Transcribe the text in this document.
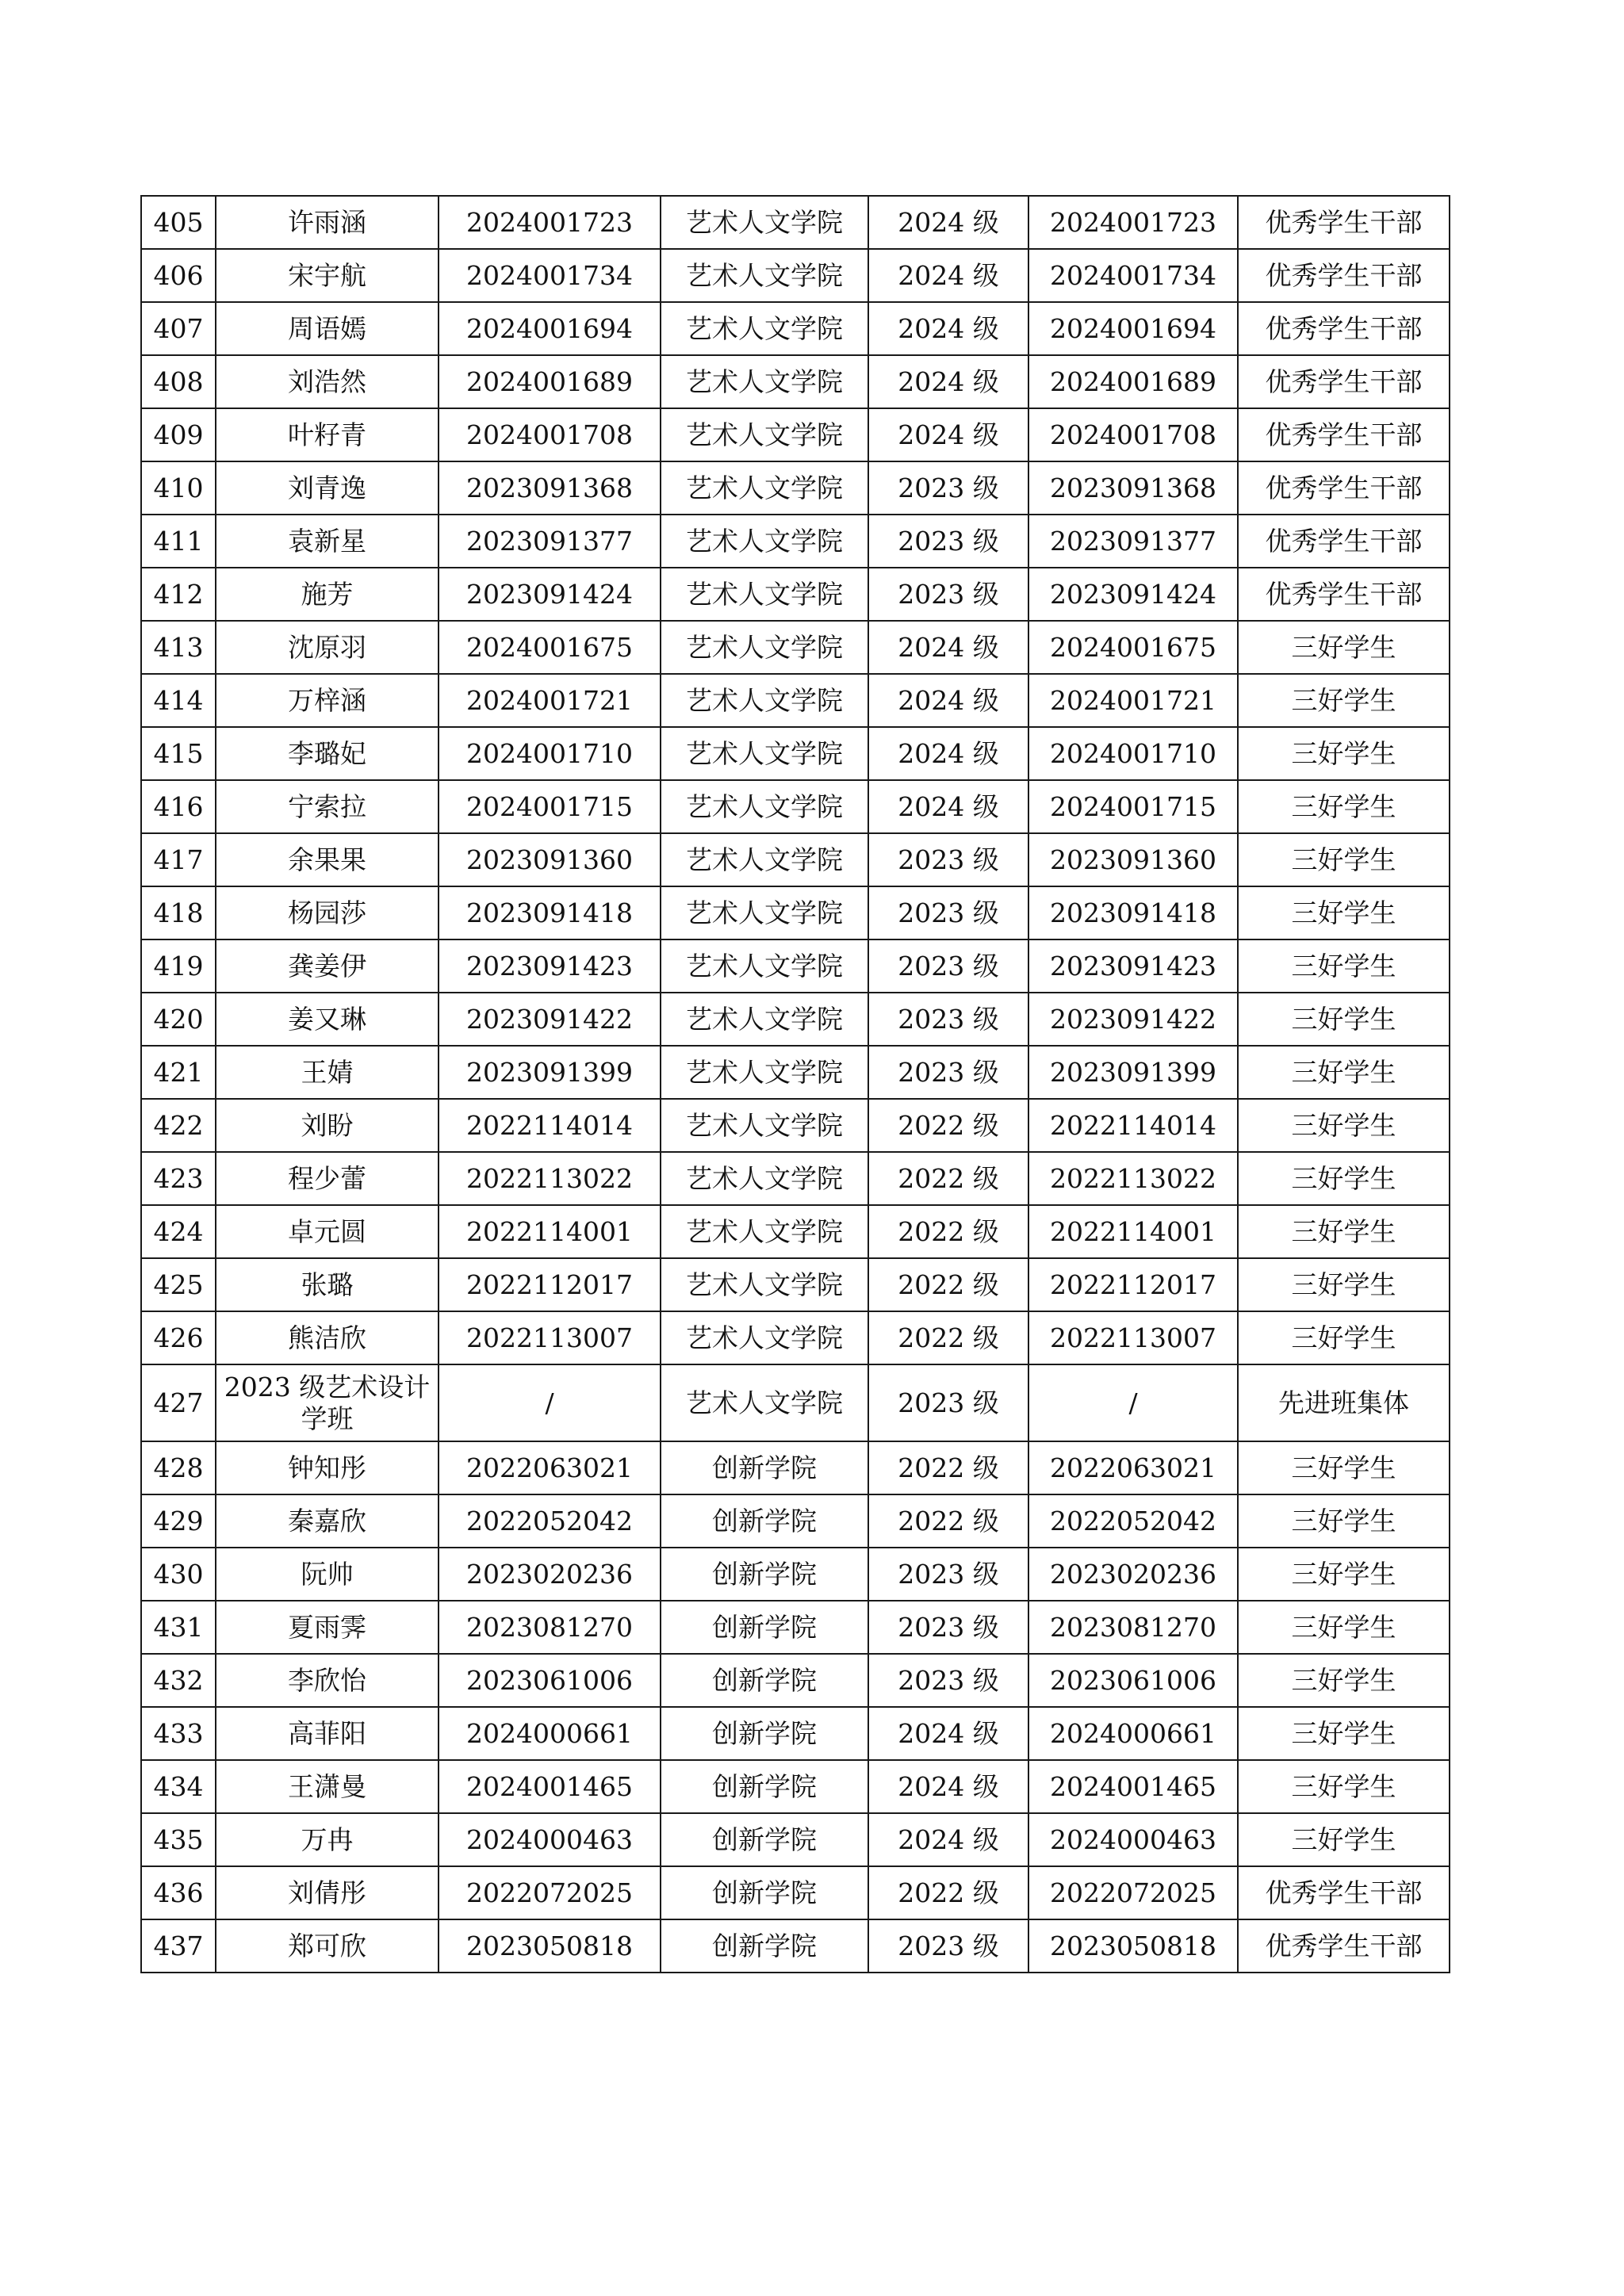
405	许雨涵	2024001723	艺术人文学院	2024 级	2024001723	优秀学生干部
406	宋宇航	2024001734	艺术人文学院	2024 级	2024001734	优秀学生干部
407	周语嫣	2024001694	艺术人文学院	2024 级	2024001694	优秀学生干部
408	刘浩然	2024001689	艺术人文学院	2024 级	2024001689	优秀学生干部
409	叶籽青	2024001708	艺术人文学院	2024 级	2024001708	优秀学生干部
410	刘青逸	2023091368	艺术人文学院	2023 级	2023091368	优秀学生干部
411	袁新星	2023091377	艺术人文学院	2023 级	2023091377	优秀学生干部
412	施芳	2023091424	艺术人文学院	2023 级	2023091424	优秀学生干部
413	沈原羽	2024001675	艺术人文学院	2024 级	2024001675	三好学生
414	万梓涵	2024001721	艺术人文学院	2024 级	2024001721	三好学生
415	李璐妃	2024001710	艺术人文学院	2024 级	2024001710	三好学生
416	宁索拉	2024001715	艺术人文学院	2024 级	2024001715	三好学生
417	余果果	2023091360	艺术人文学院	2023 级	2023091360	三好学生
418	杨园莎	2023091418	艺术人文学院	2023 级	2023091418	三好学生
419	龚姜伊	2023091423	艺术人文学院	2023 级	2023091423	三好学生
420	姜又琳	2023091422	艺术人文学院	2023 级	2023091422	三好学生
421	王婧	2023091399	艺术人文学院	2023 级	2023091399	三好学生
422	刘盼	2022114014	艺术人文学院	2022 级	2022114014	三好学生
423	程少蕾	2022113022	艺术人文学院	2022 级	2022113022	三好学生
424	卓元圆	2022114001	艺术人文学院	2022 级	2022114001	三好学生
425	张璐	2022112017	艺术人文学院	2022 级	2022112017	三好学生
426	熊洁欣	2022113007	艺术人文学院	2022 级	2022113007	三好学生
427	2023 级艺术设计学班	/	艺术人文学院	2023 级	/	先进班集体
428	钟知彤	2022063021	创新学院	2022 级	2022063021	三好学生
429	秦嘉欣	2022052042	创新学院	2022 级	2022052042	三好学生
430	阮帅	2023020236	创新学院	2023 级	2023020236	三好学生
431	夏雨霁	2023081270	创新学院	2023 级	2023081270	三好学生
432	李欣怡	2023061006	创新学院	2023 级	2023061006	三好学生
433	高菲阳	2024000661	创新学院	2024 级	2024000661	三好学生
434	王潇曼	2024001465	创新学院	2024 级	2024001465	三好学生
435	万冉	2024000463	创新学院	2024 级	2024000463	三好学生
436	刘倩彤	2022072025	创新学院	2022 级	2022072025	优秀学生干部
437	郑可欣	2023050818	创新学院	2023 级	2023050818	优秀学生干部
